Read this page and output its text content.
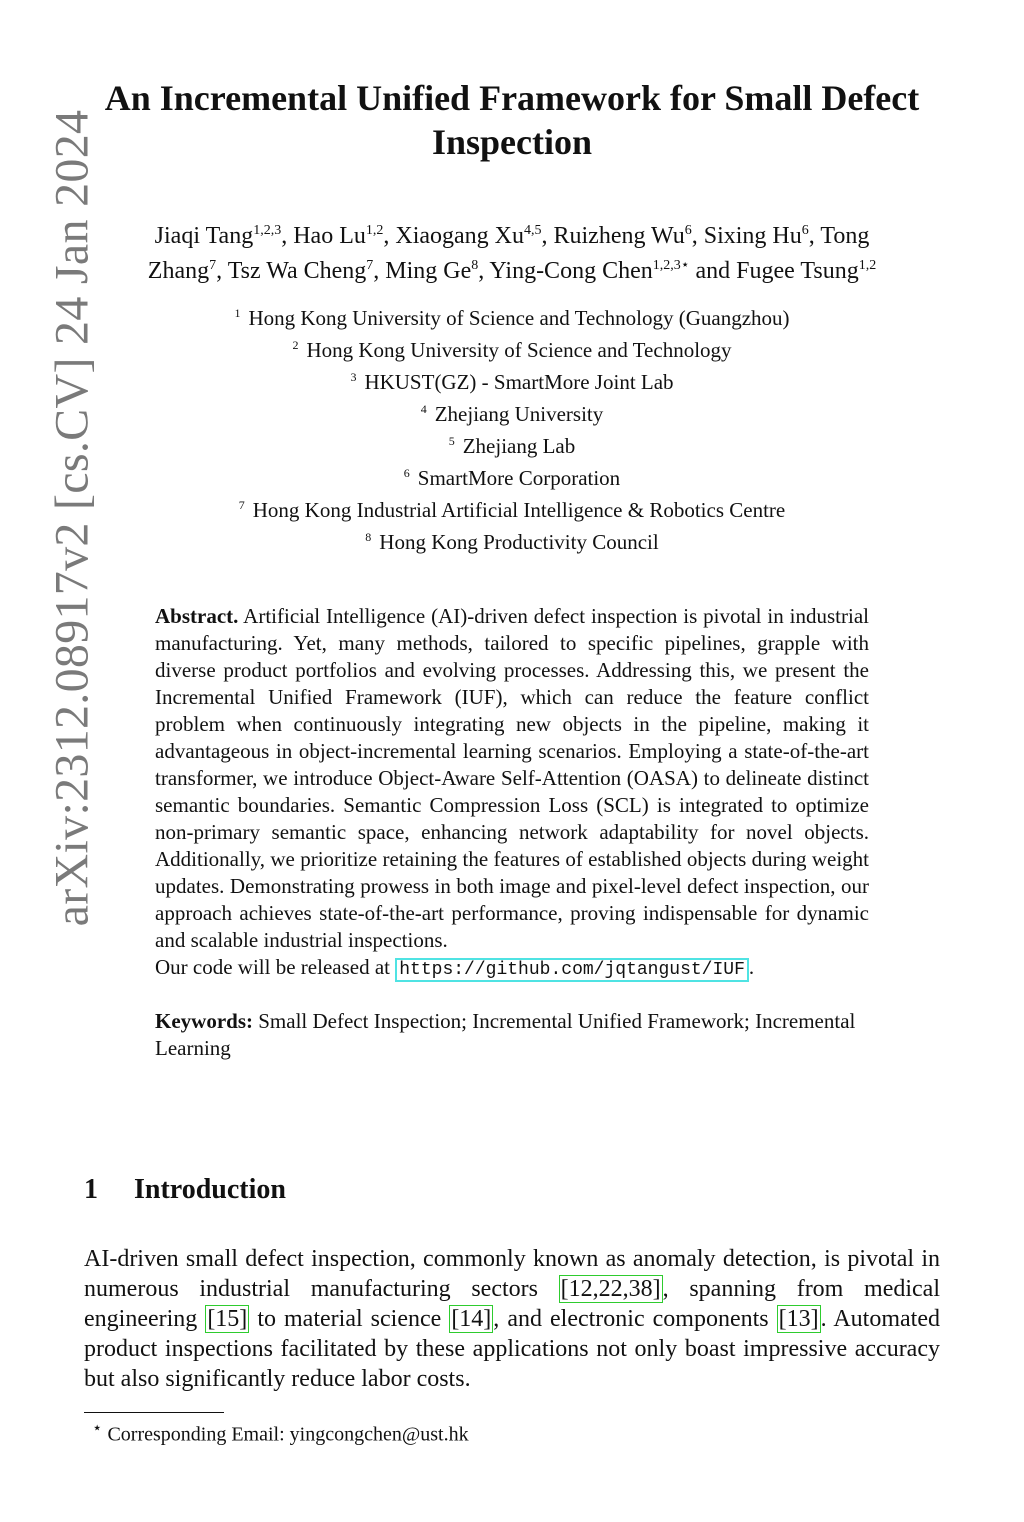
arXiv:2312.08917v2 [cs.CV] 24 Jan 2024
An Incremental Unified Framework for Small Defect Inspection
Jiaqi Tang$^{1,2,3}$, Hao Lu$^{1,2}$, Xiaogang Xu$^{4,5}$, Ruizheng Wu$^6$, Sixing Hu$^6$, Tong
Zhang$^7$, Tsz Wa Cheng$^7$, Ming Ge$^8$, Ying-Cong Chen$^{1,2,3⋆}$ and Fugee Tsung$^{1,2}$
$^1$ Hong Kong University of Science and Technology (Guangzhou)
$^2$ Hong Kong University of Science and Technology
$^3$ HKUST(GZ) - SmartMore Joint Lab
$^4$ Zhejiang University
$^5$ Zhejiang Lab
$^6$ SmartMore Corporation
$^7$ Hong Kong Industrial Artificial Intelligence & Robotics Centre
$^8$ Hong Kong Productivity Council
Abstract. Artificial Intelligence (AI)-driven defect inspection is pivotal in industrial manufacturing. Yet, many methods, tailored to specific pipelines, grapple with diverse product portfolios and evolving processes. Addressing this, we present the Incremental Unified Framework (IUF), which can reduce the feature conflict problem when continuously integrating new objects in the pipeline, making it advantageous in object-incremental learning scenarios. Employing a state-of-the-art transformer, we introduce Object-Aware Self-Attention (OASA) to delineate distinct semantic boundaries. Semantic Compression Loss (SCL) is integrated to optimize non-primary semantic space, enhancing network adaptability for novel objects. Additionally, we prioritize retaining the features of established objects during weight updates. Demonstrating prowess in both image and pixel-level defect inspection, our approach achieves state-of-the-art performance, proving indispensable for dynamic and scalable industrial inspections.
Our code will be released at https://github.com/jqtangust/IUF .
Keywords: Small Defect Inspection; Incremental Unified Framework; Incremental Learning
1 Introduction
AI-driven small defect inspection, commonly known as anomaly detection, is pivotal in numerous industrial manufacturing sectors [12,22,38], spanning from medical engineering [15] to material science [14], and electronic components [13]. Automated product inspections facilitated by these applications not only boast impressive accuracy but also significantly reduce labor costs.
⋆ Corresponding Email: yingcongchen@ust.hk
